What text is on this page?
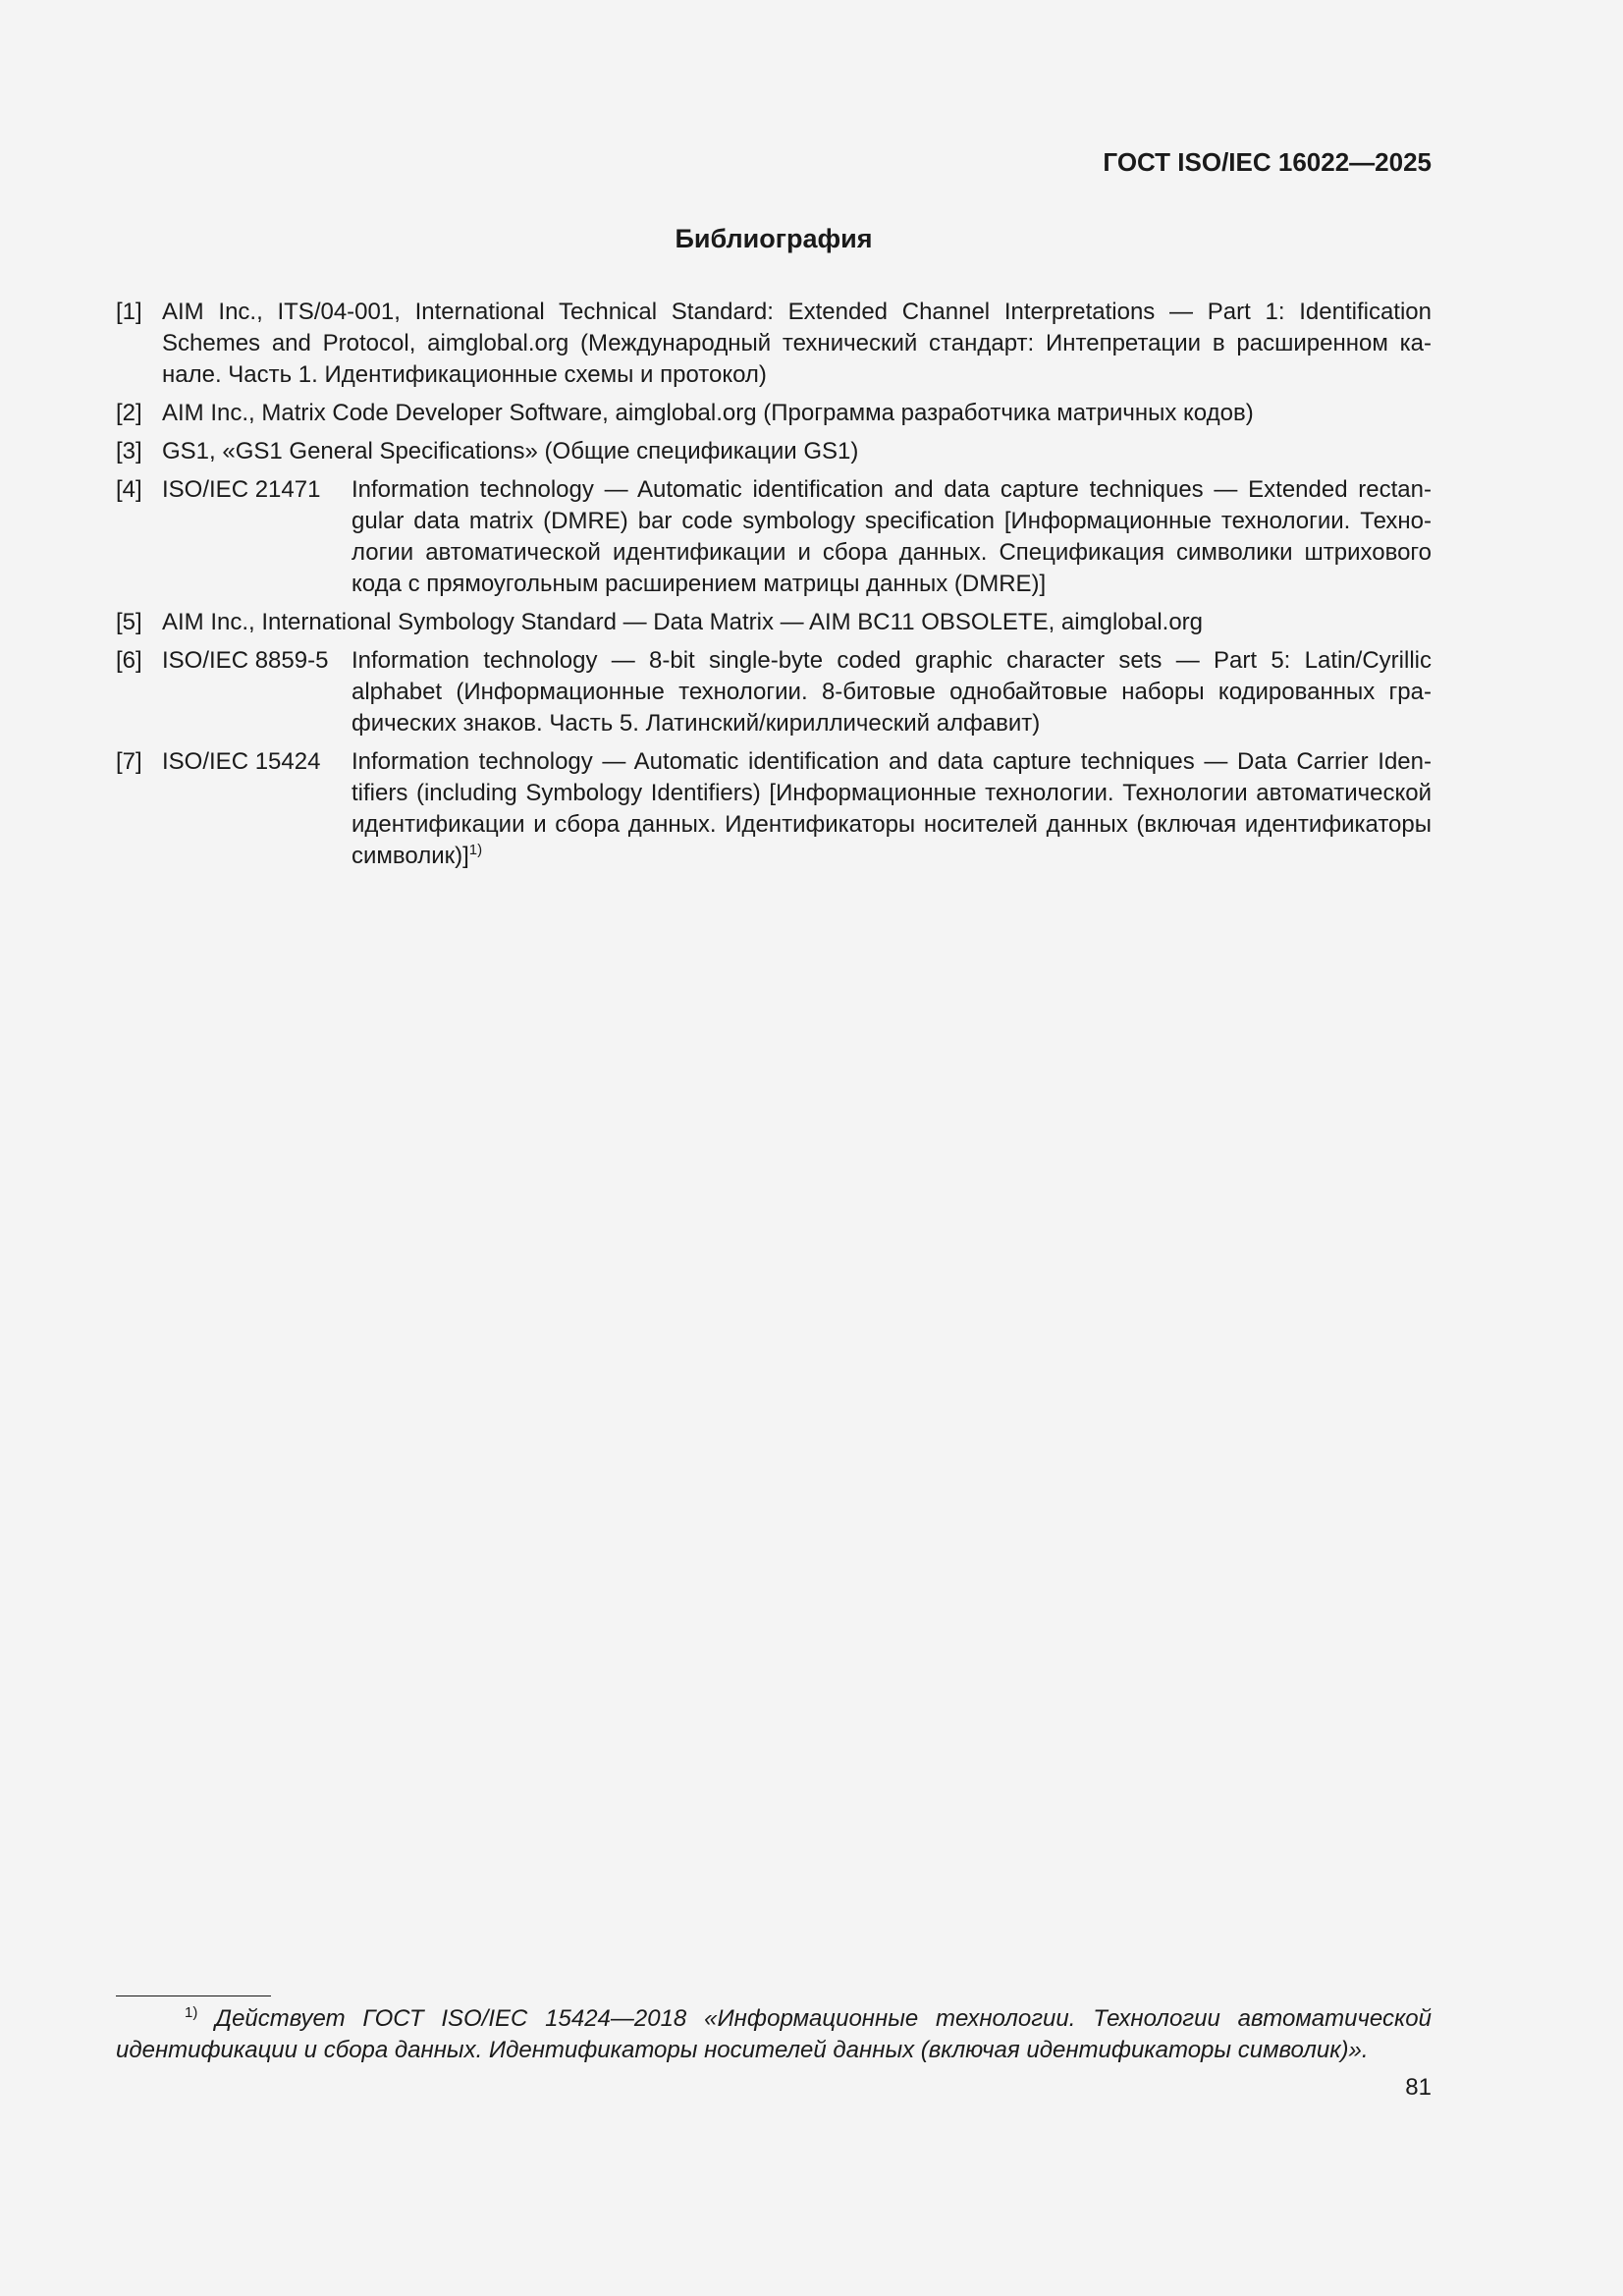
ГОСТ ISO/IEC 16022—2025
Библиография
[1] AIM Inc., ITS/04-001, International Technical Standard: Extended Channel Interpretations — Part 1: Identification Schemes and Protocol, aimglobal.org (Международный технический стандарт: Интепретации в расширенном канале. Часть 1. Идентификационные схемы и протокол)
[2] AIM Inc., Matrix Code Developer Software, aimglobal.org (Программа разработчика матричных кодов)
[3] GS1, «GS1 General Specifications» (Общие спецификации GS1)
[4] ISO/IEC 21471	Information technology — Automatic identification and data capture techniques — Extended rectangular data matrix (DMRE) bar code symbology specification [Информационные технологии. Технологии автоматической идентификации и сбора данных. Спецификация символики штрихового кода с прямоугольным расширением матрицы данных (DMRE)]
[5] AIM Inc., International Symbology Standard — Data Matrix — AIM BC11 OBSOLETE, aimglobal.org
[6] ISO/IEC 8859-5 Information technology — 8-bit single-byte coded graphic character sets — Part 5: Latin/Cyrillic alphabet (Информационные технологии. 8-битовые однобайтовые наборы кодированных графических знаков. Часть 5. Латинский/кириллический алфавит)
[7] ISO/IEC 15424	Information technology — Automatic identification and data capture techniques — Data Carrier Identifiers (including Symbology Identifiers) [Информационные технологии. Технологии автоматической идентификации и сбора данных. Идентификаторы носителей данных (включая идентификаторы символик)]$^{1)}$
$^{1)}$ Действует ГОСТ ISO/IEC 15424—2018 «Информационные технологии. Технологии автоматической идентификации и сбора данных. Идентификаторы носителей данных (включая идентификаторы символик)».
81
